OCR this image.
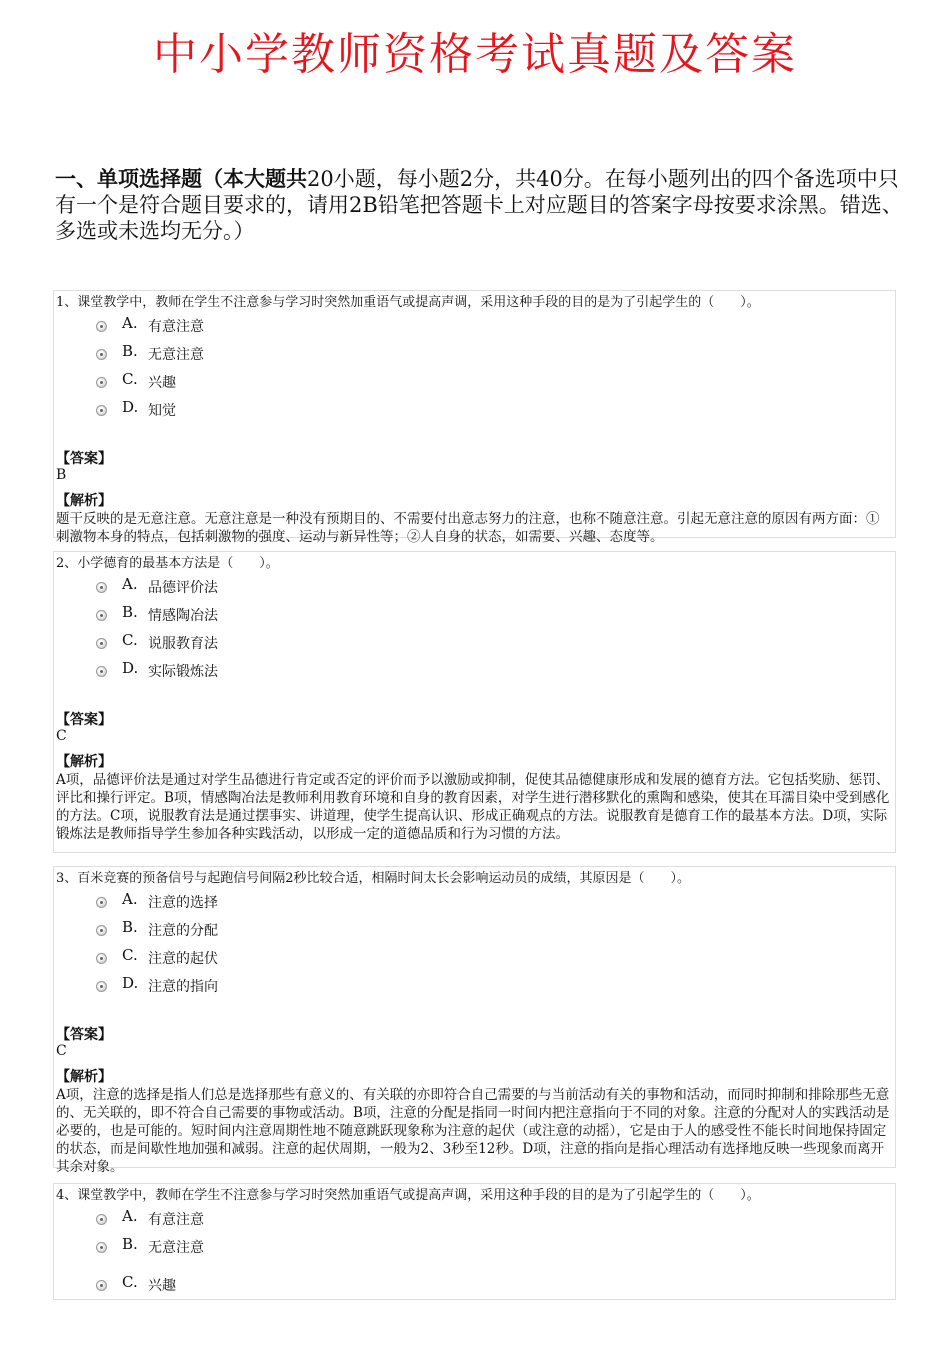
中小学教师资格考试真题及答案
一、单项选择题（本大题共20小题，每小题2分，共40分。在每小题列出的四个备选项中只有一个是符合题目要求的，请用2B铅笔把答题卡上对应题目的答案字母按要求涂黑。错选、多选或未选均无分。）
1、课堂教学中，教师在学生不注意参与学习时突然加重语气或提高声调，采用这种手段的目的是为了引起学生的（　　）。
A. 有意注意
B. 无意注意
C. 兴趣
D. 知觉
【答案】
B
【解析】
题干反映的是无意注意。无意注意是一种没有预期目的、不需要付出意志努力的注意，也称不随意注意。引起无意注意的原因有两方面：①刺激物本身的特点，包括刺激物的强度、运动与新异性等；②人自身的状态，如需要、兴趣、态度等。
2、小学德育的最基本方法是（　　）。
A. 品德评价法
B. 情感陶冶法
C. 说服教育法
D. 实际锻炼法
【答案】
C
【解析】
A项，品德评价法是通过对学生品德进行肯定或否定的评价而予以激励或抑制，促使其品德健康形成和发展的德育方法。它包括奖励、惩罚、评比和操行评定。B项，情感陶冶法是教师利用教育环境和自身的教育因素，对学生进行潜移默化的熏陶和感染，使其在耳濡目染中受到感化的方法。C项，说服教育法是通过摆事实、讲道理，使学生提高认识、形成正确观点的方法。说服教育是德育工作的最基本方法。D项，实际锻炼法是教师指导学生参加各种实践活动，以形成一定的道德品质和行为习惯的方法。
3、百米竞赛的预备信号与起跑信号间隔2秒比较合适，相隔时间太长会影响运动员的成绩，其原因是（　　）。
A. 注意的选择
B. 注意的分配
C. 注意的起伏
D. 注意的指向
【答案】
C
【解析】
A项，注意的选择是指人们总是选择那些有意义的、有关联的亦即符合自己需要的与当前活动有关的事物和活动，而同时抑制和排除那些无意的、无关联的，即不符合自己需要的事物或活动。B项，注意的分配是指同一时间内把注意指向于不同的对象。注意的分配对人的实践活动是必要的，也是可能的。短时间内注意周期性地不随意跳跃现象称为注意的起伏（或注意的动摇），它是由于人的感受性不能长时间地保持固定的状态，而是间歇性地加强和减弱。注意的起伏周期，一般为2、3秒至12秒。D项，注意的指向是指心理活动有选择地反映一些现象而离开其余对象。
4、课堂教学中，教师在学生不注意参与学习时突然加重语气或提高声调，采用这种手段的目的是为了引起学生的（　　）。
A. 有意注意
B. 无意注意
C. 兴趣
